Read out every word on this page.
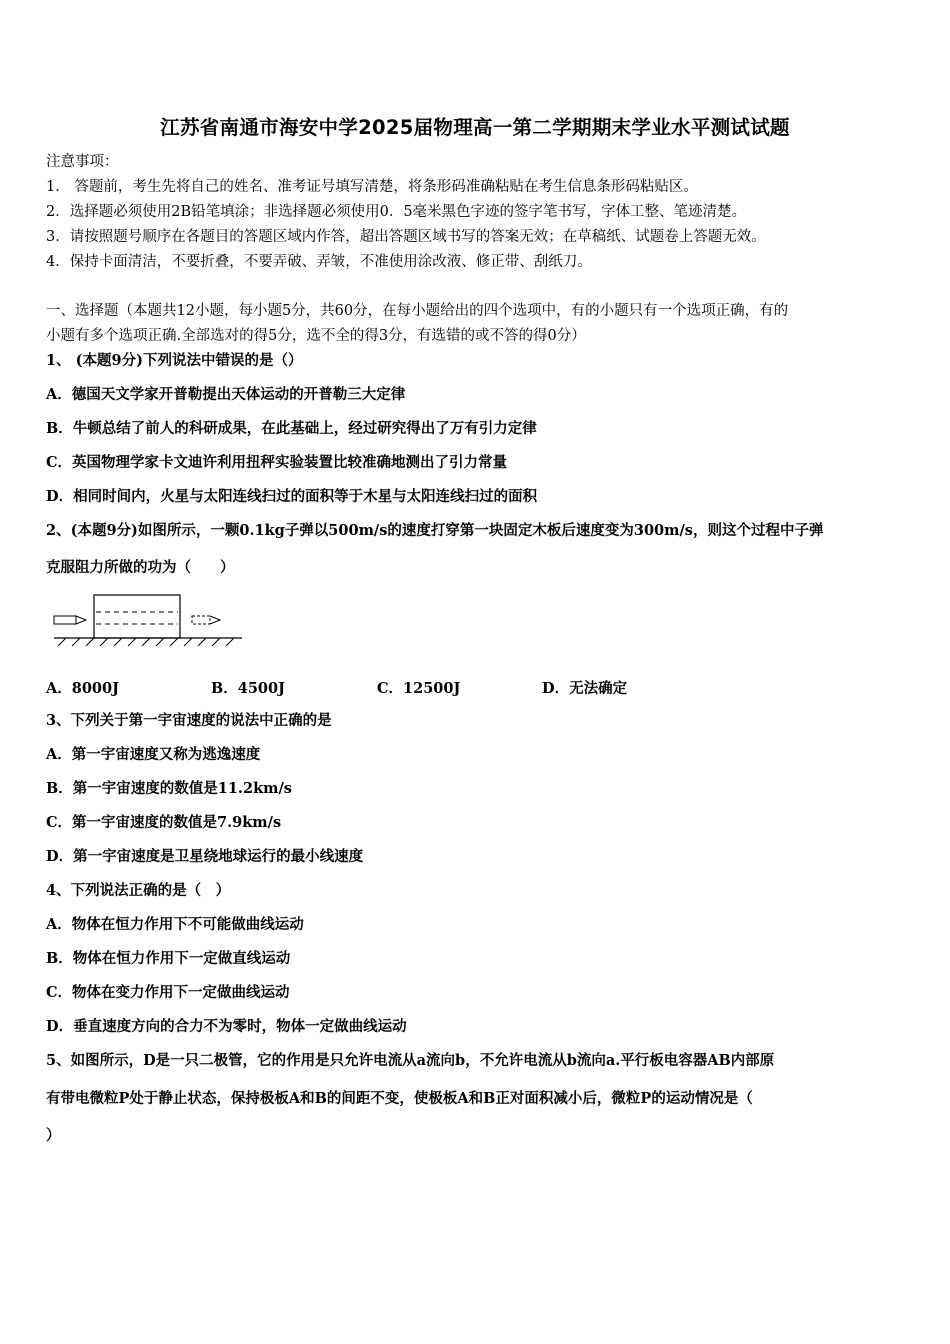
江苏省南通市海安中学2025届物理高一第二学期期末学业水平测试试题
注意事项：
1． 答题前，考生先将自己的姓名、准考证号填写清楚，将条形码准确粘贴在考生信息条形码粘贴区。
2．选择题必须使用2B铅笔填涂；非选择题必须使用0．5毫米黑色字迹的签字笔书写，字体工整、笔迹清楚。
3．请按照题号顺序在各题目的答题区域内作答，超出答题区域书写的答案无效；在草稿纸、试题卷上答题无效。
4．保持卡面清洁，不要折叠，不要弄破、弄皱，不准使用涂改液、修正带、刮纸刀。
一、选择题（本题共12小题，每小题5分，共60分，在每小题给出的四个选项中，有的小题只有一个选项正确，有的
小题有多个选项正确.全部选对的得5分，选不全的得3分，有选错的或不答的得0分）
1、 (本题9分)下列说法中错误的是（）
A．德国天文学家开普勒提出天体运动的开普勒三大定律
B．牛顿总结了前人的科研成果，在此基础上，经过研究得出了万有引力定律
C．英国物理学家卡文迪许利用扭秤实验装置比较准确地测出了引力常量
D．相同时间内，火星与太阳连线扫过的面积等于木星与太阳连线扫过的面积
2、(本题9分)如图所示，一颗0.1kg子弹以500m/s的速度打穿第一块固定木板后速度变为300m/s，则这个过程中子弹
克服阻力所做的功为（　　）
A．8000J	B．4500J	C．12500J	D．无法确定
3、下列关于第一宇宙速度的说法中正确的是
A．第一宇宙速度又称为逃逸速度
B．第一宇宙速度的数值是11.2km/s
C．第一宇宙速度的数值是7.9km/s
D．第一宇宙速度是卫星绕地球运行的最小线速度
4、下列说法正确的是（　）
A．物体在恒力作用下不可能做曲线运动
B．物体在恒力作用下一定做直线运动
C．物体在变力作用下一定做曲线运动
D．垂直速度方向的合力不为零时，物体一定做曲线运动
5、如图所示，D是一只二极管，它的作用是只允许电流从a流向b，不允许电流从b流向a.平行板电容器AB内部原
有带电微粒P处于静止状态，保持极板A和B的间距不变，使极板A和B正对面积减小后，微粒P的运动情况是（
）
